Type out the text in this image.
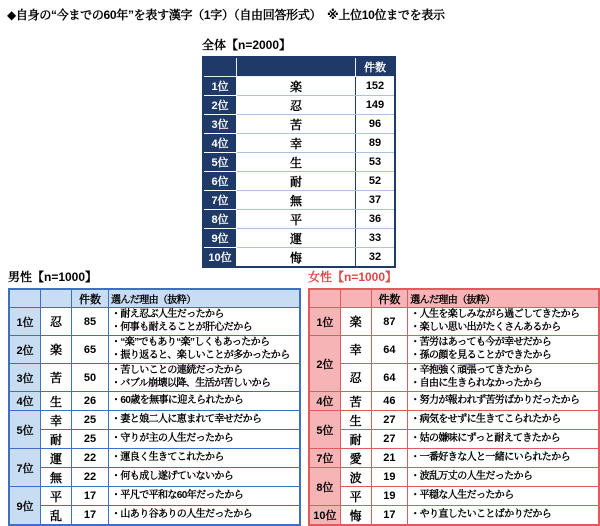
◆自身の“今までの60年”を表す漢字（1字）（自由回答形式）　※上位10位までを表示
全体【n=2000】
		件数
1位	楽	152
2位	忍	149
3位	苦	96
4位	幸	89
5位	生	53
6位	耐	52
7位	無	37
8位	平	36
9位	運	33
10位	悔	32
男性【n=1000】
		件数	選んだ理由（抜粋）
1位	忍	85	・耐え忍ぶ人生だったから
・何事も耐えることが肝心だから

2位	楽	65	・“楽”でもあり“楽”しくもあったから
・振り返ると、楽しいことが多かったから

3位	苦	50	・苦しいことの連続だったから
・バブル崩壊以降、生活が苦しいから

4位	生	26	・60歳を無事に迎えられたから

5位	幸	25	・妻と娘二人に恵まれて幸せだから

	耐	25	・守りが主の人生だったから

7位	運	22	・運良く生きてこれたから

	無	22	・何も成し遂げていないから

9位	平	17	・平凡で平和な60年だったから

	乱	17	・山あり谷ありの人生だったから
女性【n=1000】
		件数	選んだ理由（抜粋）
1位	楽	87	・人生を楽しみながら過ごしてきたから
・楽しい思い出がたくさんあるから

2位	幸	64	・苦労はあっても今が幸せだから
・孫の顔を見ることができたから

	忍	64	・辛抱強く頑張ってきたから
・自由に生きられなかったから

4位	苦	46	・努力が報われず苦労ばかりだったから

5位	生	27	・病気をせずに生きてこられたから

	耐	27	・姑の嫌味にずっと耐えてきたから

7位	愛	21	・一番好きな人と一緒にいられたから

8位	波	19	・波乱万丈の人生だったから

	平	19	・平穏な人生だったから

10位	悔	17	・やり直したいことばかりだから
